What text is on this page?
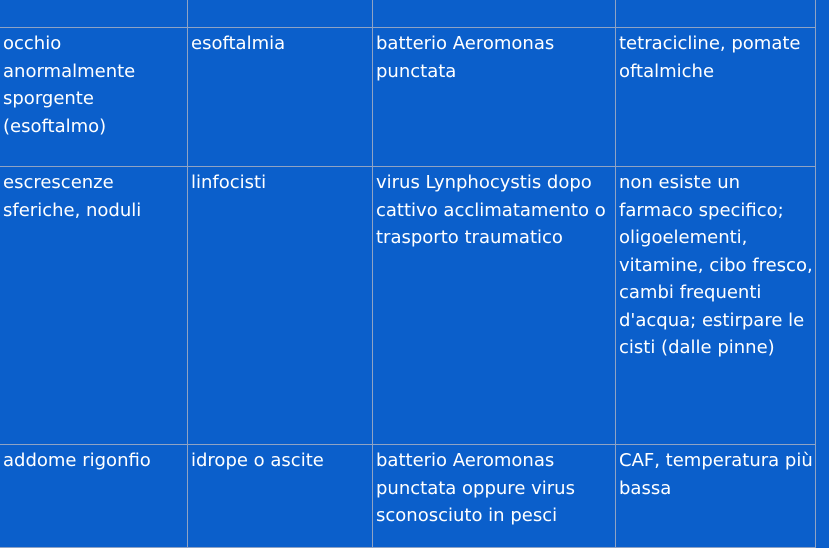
occhio anormalmente sporgente (esoftalmo)	esoftalmia	batterio Aeromonas punctata	tetracicline, pomate oftalmiche
escrescenze sferiche, noduli	linfocisti	virus Lynphocystis dopo cattivo acclimatamento o trasporto traumatico	non esiste un farmaco specifico; oligoelementi, vitamine, cibo fresco, cambi frequenti d'acqua; estirpare le cisti (dalle pinne)
addome rigonfio	idrope o ascite	batterio Aeromonas punctata oppure virus sconosciuto in pesci	CAF, temperatura più bassa
